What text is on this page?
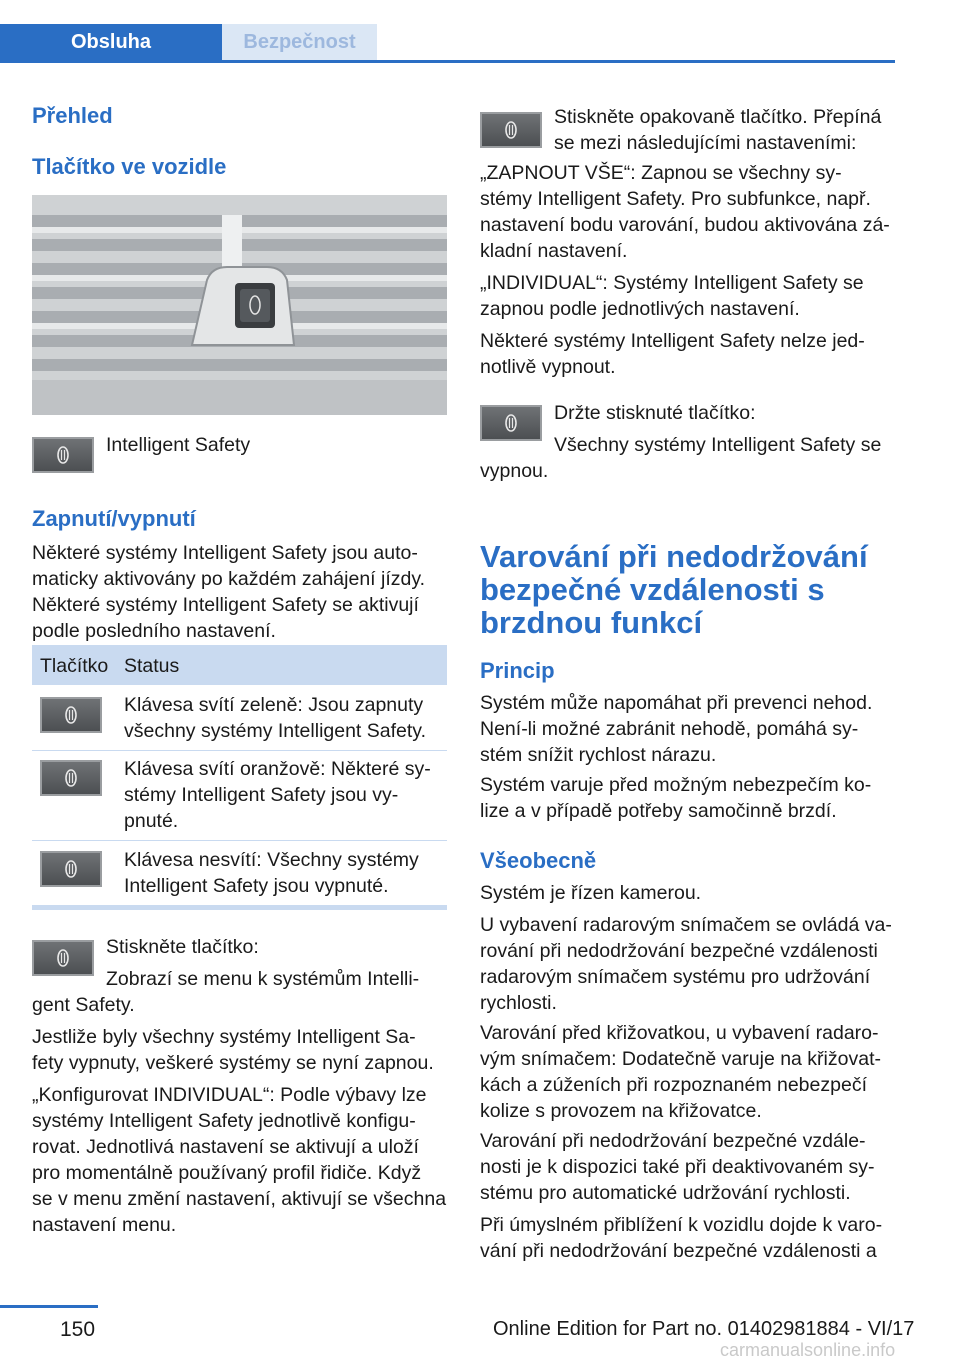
Obsluha	Bezpečnost
Přehled
Tlačítko ve vozidle

Intelligent Safety

Zapnutí/vypnutí
Některé systémy Intelligent Safety jsou auto-
maticky aktivovány po každém zahájení jízdy.
Některé systémy Intelligent Safety se aktivují
podle posledního nastavení.
Tlačítko Status
Klávesa svítí zeleně: Jsou zapnuty
všechny systémy Intelligent Safety.
Klávesa svítí oranžově: Některé sy-
stémy Intelligent Safety jsou vy-
pnuté.
Klávesa nesvítí: Všechny systémy
Intelligent Safety jsou vypnuté.

Stiskněte tlačítko:

Zobrazí se menu k systémům Intelli-

gent Safety.

Jestliže byly všechny systémy Intelligent Sa-
fety vypnuty, veškeré systémy se nyní zapnou.
„Konfigurovat INDIVIDUAL“: Podle výbavy lze
systémy Intelligent Safety jednotlivě konfigu-
rovat. Jednotlivá nastavení se aktivují a uloží
pro momentálně používaný profil řidiče. Když
se v menu změní nastavení, aktivují se všechna
nastavení menu.

Stiskněte opakovaně tlačítko. Přepíná

se mezi následujícími nastaveními:

„ZAPNOUT VŠE“: Zapnou se všechny sy-
stémy Intelligent Safety. Pro subfunkce, např.
nastavení bodu varování, budou aktivována zá-
kladní nastavení.
„INDIVIDUAL“: Systémy Intelligent Safety se
zapnou podle jednotlivých nastavení.
Některé systémy Intelligent Safety nelze jed-
notlivě vypnout.

Držte stisknuté tlačítko:

Všechny systémy Intelligent Safety se

vypnou.

Varování při nedodržování
bezpečné vzdálenosti s
brzdnou funkcí
Princip
Systém může napomáhat při prevenci nehod.
Není-li možné zabránit nehodě, pomáhá sy-
stém snížit rychlost nárazu.
Systém varuje před možným nebezpečím ko-
lize a v případě potřeby samočinně brzdí.
Všeobecně

Systém je řízen kamerou.

U vybavení radarovým snímačem se ovládá va-
rování při nedodržování bezpečné vzdálenosti
radarovým snímačem systému pro udržování
rychlosti.
Varování před křižovatkou, u vybavení radaro-
vým snímačem: Dodatečně varuje na křižovat-
kách a zúženích při rozpoznaném nebezpečí
kolize s provozem na křižovatce.
Varování při nedodržování bezpečné vzdále-
nosti je k dispozici také při deaktivovaném sy-
stému pro automatické udržování rychlosti.
Při úmyslném přiblížení k vozidlu dojde k varo-
vání při nedodržování bezpečné vzdálenosti a
150	Online Edition for Part no. 01402981884 - VI/17
carmanualsonline.info
